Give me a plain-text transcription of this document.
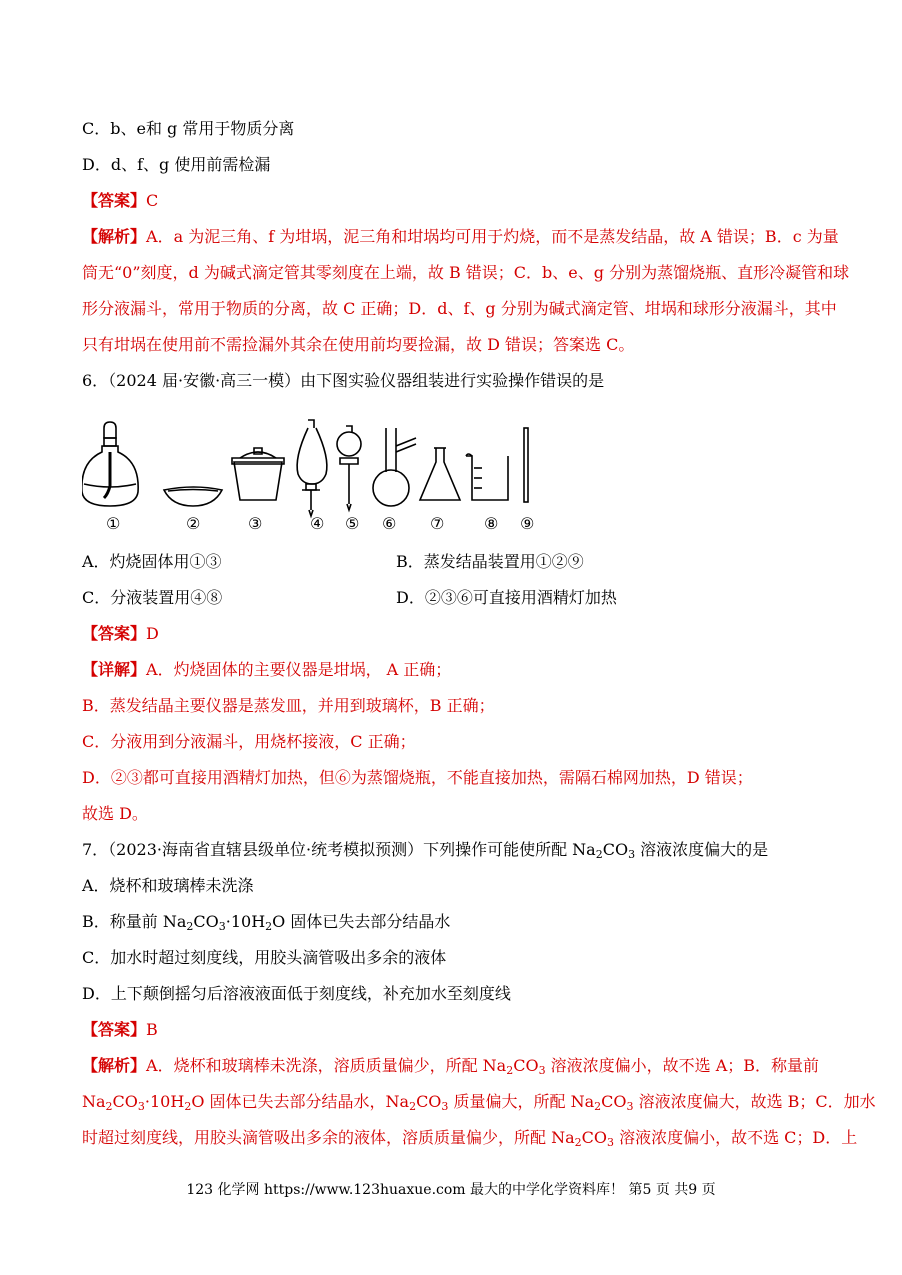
C．b、e和 g 常用于物质分离
D．d、f、g 使用前需检漏
【答案】C
【解析】A．a 为泥三角、f 为坩埚，泥三角和坩埚均可用于灼烧，而不是蒸发结晶，故 A 错误；B．c 为量
筒无“0”刻度，d 为碱式滴定管其零刻度在上端，故 B 错误；C．b、e、g 分别为蒸馏烧瓶、直形冷凝管和球
形分液漏斗，常用于物质的分离，故 C 正确；D．d、f、g 分别为碱式滴定管、坩埚和球形分液漏斗，其中
只有坩埚在使用前不需捡漏外其余在使用前均要捡漏，故 D 错误；答案选 C。
6．（2024 届·安徽·高三一模）由下图实验仪器组装进行实验操作错误的是
①	②	③	④ ⑤ ⑥ ⑦ ⑧ ⑨
A．灼烧固体用①③	B．蒸发结晶装置用①②⑨
C．分液装置用④⑧	D．②③⑥可直接用酒精灯加热
【答案】D
【详解】A．灼烧固体的主要仪器是坩埚， A 正确；
B．蒸发结晶主要仪器是蒸发皿，并用到玻璃杯，B 正确；
C．分液用到分液漏斗，用烧杯接液，C 正确；
D．②③都可直接用酒精灯加热，但⑥为蒸馏烧瓶，不能直接加热，需隔石棉网加热，D 错误；
故选 D。
7．（2023·海南省直辖县级单位·统考模拟预测）下列操作可能使所配 $Na_2CO_3$ 溶液浓度偏大的是
A．烧杯和玻璃棒未洗涤
B．称量前 $Na_2CO_3\cdot 10H_2O$ 固体已失去部分结晶水
C．加水时超过刻度线，用胶头滴管吸出多余的液体
D．上下颠倒摇匀后溶液液面低于刻度线，补充加水至刻度线
【答案】B
【解析】A．烧杯和玻璃棒未洗涤，溶质质量偏少，所配 $Na_2CO_3$ 溶液浓度偏小，故不选 A；B．称量前
$Na_2CO_3\cdot 10H_2O$ 固体已失去部分结晶水，$Na_2CO_3$ 质量偏大，所配 $Na_2CO_3$ 溶液浓度偏大，故选 B；C．加水
时超过刻度线，用胶头滴管吸出多余的液体，溶质质量偏少，所配 $Na_2CO_3$ 溶液浓度偏小，故不选 C；D．上
123 化学网 https://www.123huaxue.com 最大的中学化学资料库！ 第5 页 共9 页
